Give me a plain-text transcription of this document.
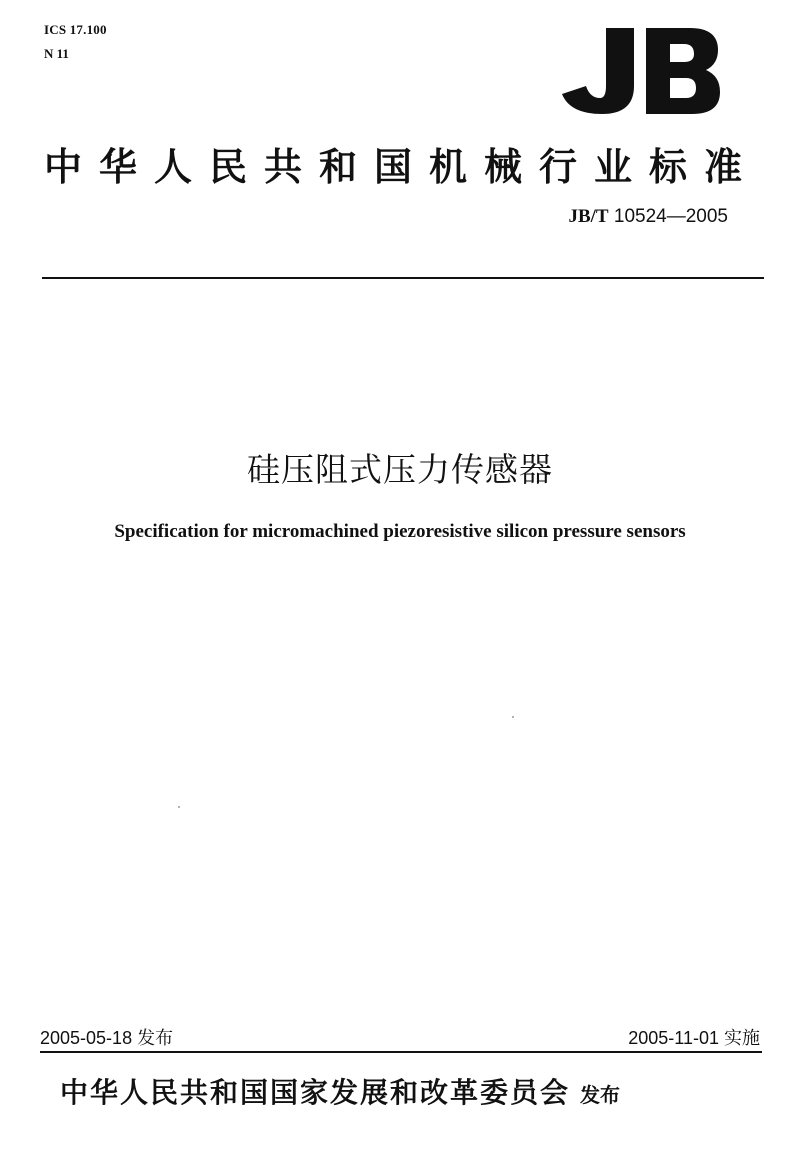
ICS 17.100
N 11
中华人民共和国机械行业标准
JB/T 10524—2005
硅压阻式压力传感器
Specification for micromachined piezoresistive silicon pressure sensors
2005-05-18 发布	2005-11-01 实施
中华人民共和国国家发展和改革委员会 发布
